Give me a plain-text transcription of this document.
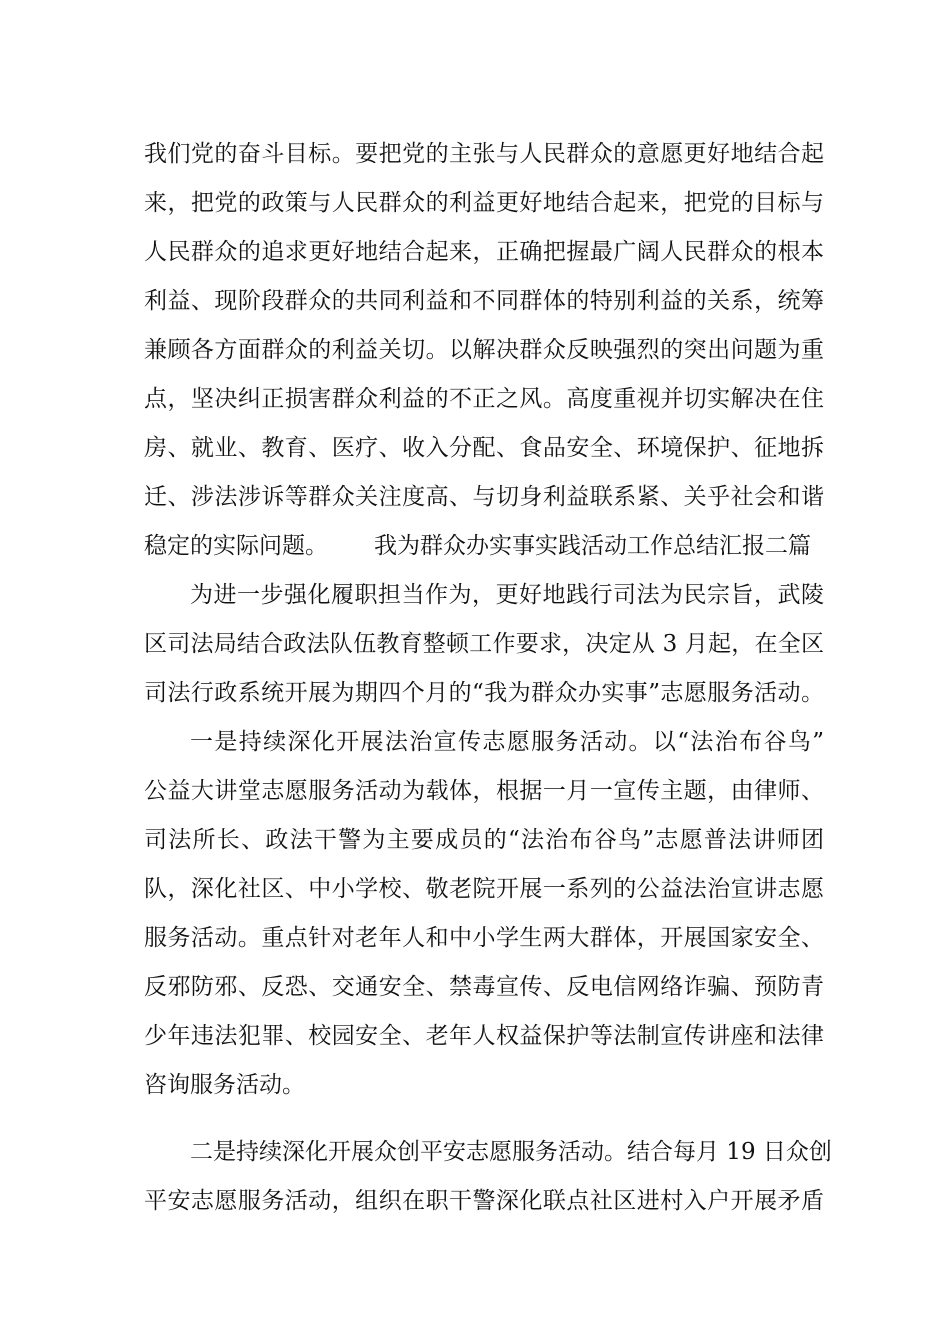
我们党的奋斗目标。要把党的主张与人民群众的意愿更好地结合起
来，把党的政策与人民群众的利益更好地结合起来，把党的目标与
人民群众的追求更好地结合起来，正确把握最广阔人民群众的根本
利益、现阶段群众的共同利益和不同群体的特别利益的关系，统筹
兼顾各方面群众的利益关切。以解决群众反映强烈的突出问题为重
点，坚决纠正损害群众利益的不正之风。高度重视并切实解决在住
房、就业、教育、医疗、收入分配、食品安全、环境保护、征地拆
迁、涉法涉诉等群众关注度高、与切身利益联系紧、关乎社会和谐
稳定的实际问题。 我为群众办实事实践活动工作总结汇报二篇
为进一步强化履职担当作为，更好地践行司法为民宗旨，武陵
区司法局结合政法队伍教育整顿工作要求，决定从 3 月起，在全区
司法行政系统开展为期四个月的“我为群众办实事”志愿服务活动。
一是持续深化开展法治宣传志愿服务活动。以“法治布谷鸟”
公益大讲堂志愿服务活动为载体，根据一月一宣传主题，由律师、
司法所长、政法干警为主要成员的“法治布谷鸟”志愿普法讲师团
队，深化社区、中小学校、敬老院开展一系列的公益法治宣讲志愿
服务活动。重点针对老年人和中小学生两大群体，开展国家安全、
反邪防邪、反恐、交通安全、禁毒宣传、反电信网络诈骗、预防青
少年违法犯罪、校园安全、老年人权益保护等法制宣传讲座和法律
咨询服务活动。
二是持续深化开展众创平安志愿服务活动。结合每月 19 日众创
平安志愿服务活动，组织在职干警深化联点社区进村入户开展矛盾
